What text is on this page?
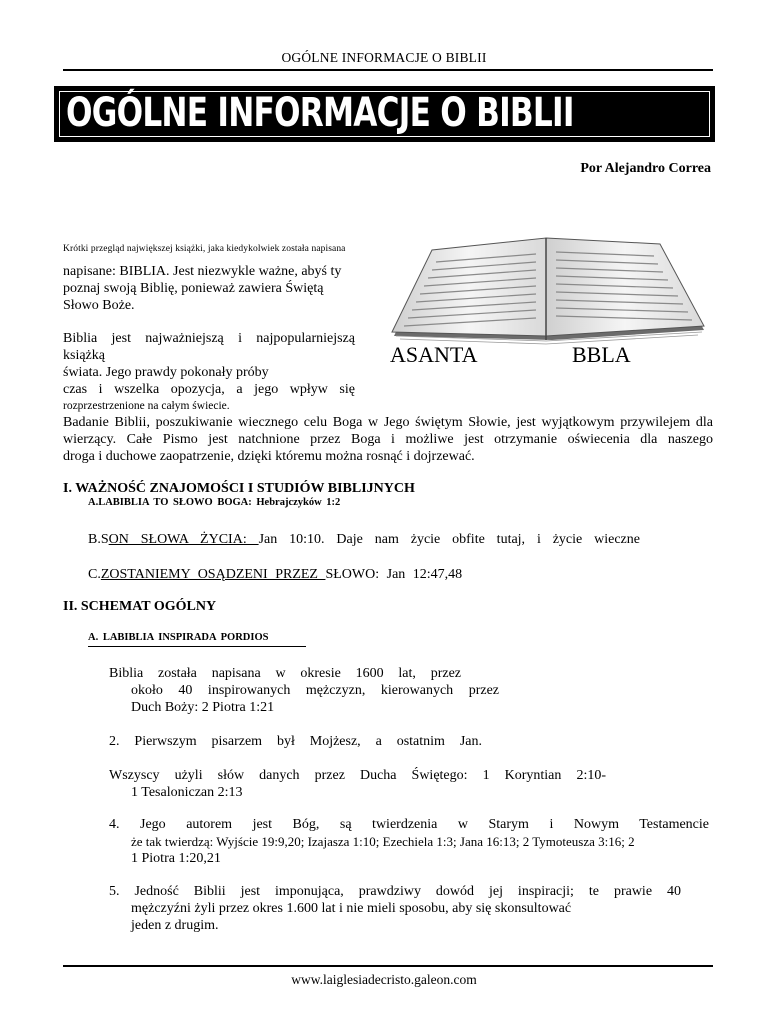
OGÓLNE INFORMACJE O BIBLII
OGÓLNE INFORMACJE O BIBLII
Por Alejandro Correa
Krótki przegląd największej książki, jaka kiedykolwiek została napisana
napisane: BIBLIA. Jest niezwykle ważne, abyś ty
poznaj swoją Biblię, ponieważ zawiera Świętą
Słowo Boże.
Biblia jest najważniejszą i najpopularniejszą książką
świata. Jego prawdy pokonały próby
czas i wszelka opozycja, a jego wpływ się
rozprzestrzenione na całym świecie.
ASANTA	BBLA
Badanie Biblii, poszukiwanie wiecznego celu Boga w Jego świętym Słowie, jest wyjątkowym przywilejem dla
wierzący. Całe Pismo jest natchnione przez Boga i możliwe jest otrzymanie oświecenia dla naszego
droga i duchowe zaopatrzenie, dzięki któremu można rosnąć i dojrzewać.
I. WAŻNOŚĆ ZNAJOMOŚCI I STUDIÓW BIBLIJNYCH
A.LABIBLIA TO SŁOWO BOGA: Hebrajczyków 1:2
B.SON SŁOWA ŻYCIA: Jan 10:10. Daje nam życie obfite tutaj, i życie wieczne
C.ZOSTANIEMY OSĄDZENI PRZEZ SŁOWO: Jan 12:47,48
II. SCHEMAT OGÓLNY
A. LABIBLIA INSPIRADA PORDIOS
Biblia została napisana w okresie 1600 lat, przez
około 40 inspirowanych mężczyzn, kierowanych przez
Duch Boży: 2 Piotra 1:21
2. Pierwszym pisarzem był Mojżesz, a ostatnim Jan.
Wszyscy użyli słów danych przez Ducha Świętego: 1 Koryntian 2:10-
1 Tesaloniczan 2:13
4. Jego autorem jest Bóg, są twierdzenia w Starym i Nowym Testamencie
że tak twierdzą: Wyjście 19:9,20; Izajasza 1:10; Ezechiela 1:3; Jana 16:13; 2 Tymoteusza 3:16; 2
1 Piotra 1:20,21
5. Jedność Biblii jest imponująca, prawdziwy dowód jej inspiracji; te prawie 40
mężczyźni żyli przez okres 1.600 lat i nie mieli sposobu, aby się skonsultować
jeden z drugim.
www.laiglesiadecristo.galeon.com
